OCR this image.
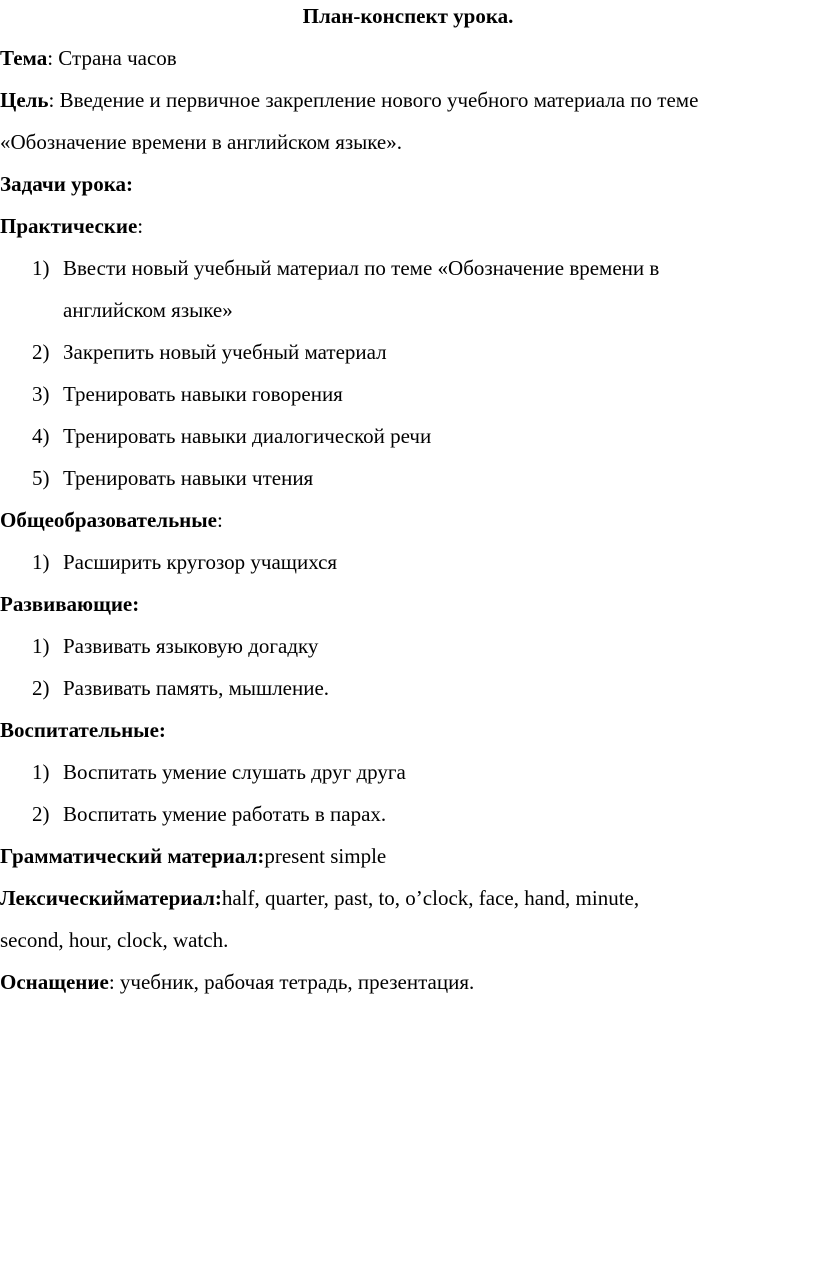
План-конспект урока.
Тема: Страна часов
Цель: Введение и первичное закрепление нового учебного материала по теме
«Обозначение времени в английском языке».
Задачи урока:
Практические:
1) Ввести новый учебный материал по теме «Обозначение времени в
английском языке»
2) Закрепить новый учебный материал
3) Тренировать навыки говорения
4) Тренировать навыки диалогической речи
5) Тренировать навыки чтения
Общеобразовательные:
1) Расширить кругозор учащихся
Развивающие:
1) Развивать языковую догадку
2) Развивать память, мышление.
Воспитательные:
1) Воспитать умение слушать друг друга
2) Воспитать умение работать в парах.
Грамматический материал:present simple
Лексическийматериал:half, quarter, past, to, o’clock, face, hand, minute,
second, hour, clock, watch.
Оснащение: учебник, рабочая тетрадь, презентация.
